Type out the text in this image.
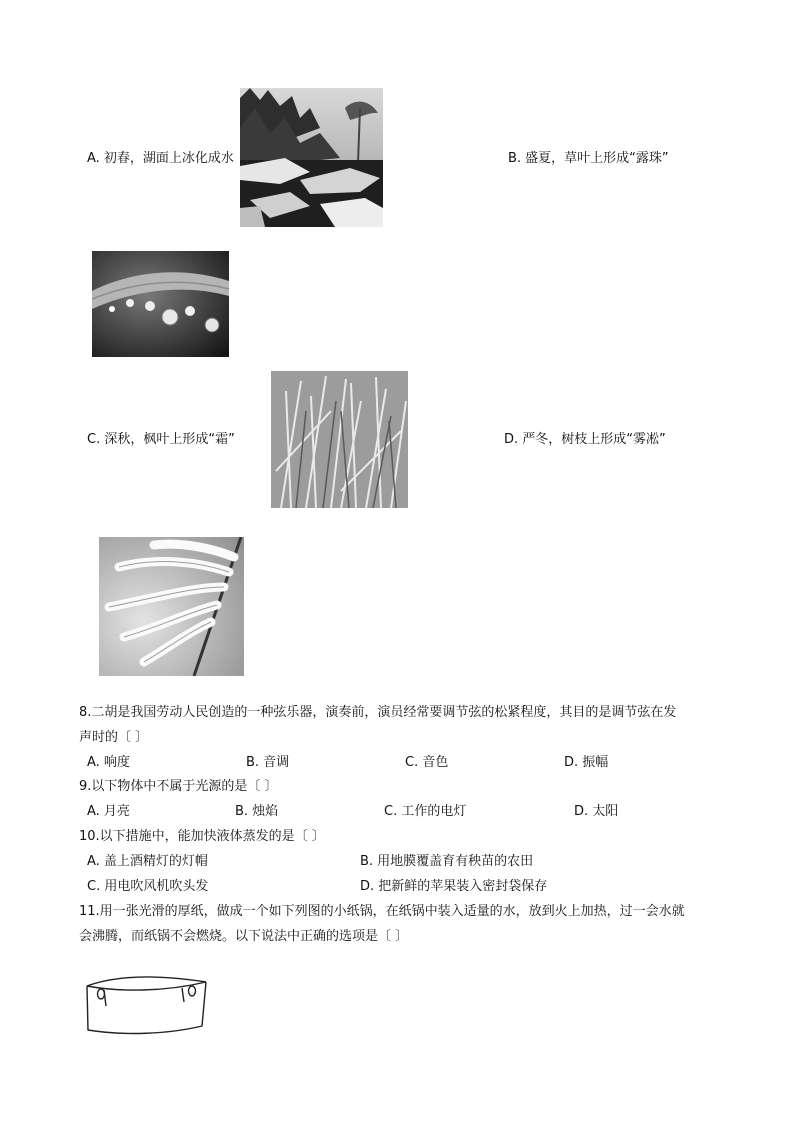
A. 初春，湖面上冰化成水	B. 盛夏，草叶上形成“露珠”
C. 深秋，枫叶上形成“霜”	D. 严冬，树枝上形成“雾凇”
8.二胡是我国劳动人民创造的一种弦乐器，演奏前，演员经常要调节弦的松紧程度，其目的是调节弦在发
声时的〔 〕
A. 响度	B. 音调	C. 音色	D. 振幅
9.以下物体中不属于光源的是〔 〕
A. 月亮	B. 烛焰	C. 工作的电灯	D. 太阳
10.以下措施中，能加快液体蒸发的是〔 〕
A. 盖上酒精灯的灯帽	B. 用地膜覆盖育有秧苗的农田
C. 用电吹风机吹头发	D. 把新鲜的苹果装入密封袋保存
11.用一张光滑的厚纸，做成一个如下列图的小纸锅，在纸锅中装入适量的水，放到火上加热，过一会水就
会沸腾，而纸锅不会燃烧。以下说法中正确的选项是〔 〕
